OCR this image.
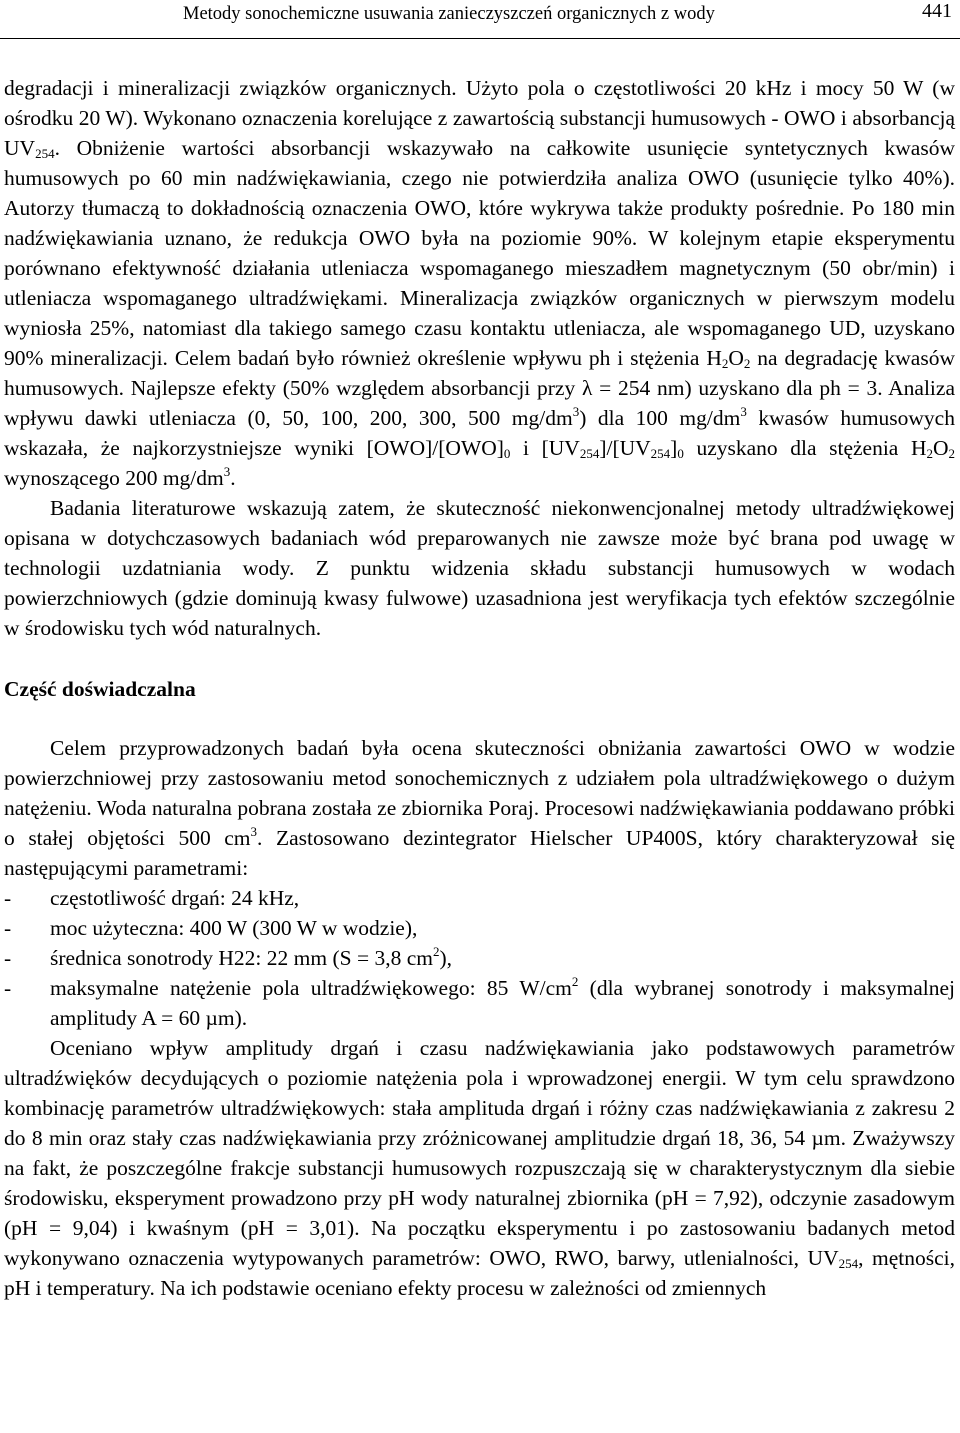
Metody sonochemiczne usuwania zanieczyszczeń organicznych z wody	441

degradacji i mineralizacji związków organicznych. Użyto pola o częstotliwości 20 kHz i mocy 50 W (w ośrodku 20 W). Wykonano oznaczenia korelujące z zawartością substancji humusowych - OWO i absorbancją $UV_{254}$. Obniżenie wartości absorbancji wskazywało na całkowite usunięcie syntetycznych kwasów humusowych po 60 min nadźwiękawiania, czego nie potwierdziła analiza OWO (usunięcie tylko 40%). Autorzy tłumaczą to dokładnością oznaczenia OWO, które wykrywa także produkty pośrednie. Po 180 min nadźwiękawiania uznano, że redukcja OWO była na poziomie 90%. W kolejnym etapie eksperymentu porównano efektywność działania utleniacza wspomaganego mieszadłem magnetycznym (50 obr/min) i utleniacza wspomaganego ultradźwiękami. Mineralizacja związków organicznych w pierwszym modelu wyniosła 25%, natomiast dla takiego samego czasu kontaktu utleniacza, ale wspomaganego UD, uzyskano 90% mineralizacji. Celem badań było również określenie wpływu ph i stężenia $H_2O_2$ na degradację kwasów humusowych. Najlepsze efekty (50% względem absorbancji przy λ = 254 nm) uzyskano dla ph = 3. Analiza wpływu dawki utleniacza (0, 50, 100, 200, 300, 500 $mg/dm^3$) dla 100 $mg/dm^3$ kwasów humusowych wskazała, że najkorzystniejsze wyniki $[OWO]/[OWO]_0$ i $[UV_{254}]/[UV_{254}]_0$ uzyskano dla stężenia $H_2O_2$ wynoszącego 200 $mg/dm^3$.

Badania literaturowe wskazują zatem, że skuteczność niekonwencjonalnej metody ultradźwiękowej opisana w dotychczasowych badaniach wód preparowanych nie zawsze może być brana pod uwagę w technologii uzdatniania wody. Z punktu widzenia składu substancji humusowych w wodach powierzchniowych (gdzie dominują kwasy fulwowe) uzasadniona jest weryfikacja tych efektów szczególnie w środowisku tych wód naturalnych.

Część doświadczalna

Celem przyprowadzonych badań była ocena skuteczności obniżania zawartości OWO w wodzie powierzchniowej przy zastosowaniu metod sonochemicznych z udziałem pola ultradźwiękowego o dużym natężeniu. Woda naturalna pobrana została ze zbiornika Poraj. Procesowi nadźwiękawiania poddawano próbki o stałej objętości 500 $cm^3$. Zastosowano dezintegrator Hielscher UP400S, który charakteryzował się następującymi parametrami:

- częstotliwość drgań: 24 kHz,
- moc użyteczna: 400 W (300 W w wodzie),
- średnica sonotrody H22: 22 mm (S = 3,8 $cm^2$),
- maksymalne natężenie pola ultradźwiękowego: 85 $W/cm^2$ (dla wybranej sonotrody i maksymalnej amplitudy A = 60 µm).

Oceniano wpływ amplitudy drgań i czasu nadźwiękawiania jako podstawowych parametrów ultradźwięków decydujących o poziomie natężenia pola i wprowadzonej energii. W tym celu sprawdzono kombinację parametrów ultradźwiękowych: stała amplituda drgań i różny czas nadźwiękawiania z zakresu 2 do 8 min oraz stały czas nadźwiękawiania przy zróżnicowanej amplitudzie drgań 18, 36, 54 µm. Zważywszy na fakt, że poszczególne frakcje substancji humusowych rozpuszczają się w charakterystycznym dla siebie środowisku, eksperyment prowadzono przy pH wody naturalnej zbiornika (pH = 7,92), odczynie zasadowym (pH = 9,04) i kwaśnym (pH = 3,01). Na początku eksperymentu i po zastosowaniu badanych metod wykonywano oznaczenia wytypowanych parametrów: OWO, RWO, barwy, utlenialności, $UV_{254}$, mętności, pH i temperatury. Na ich podstawie oceniano efekty procesu w zależności od zmiennych
